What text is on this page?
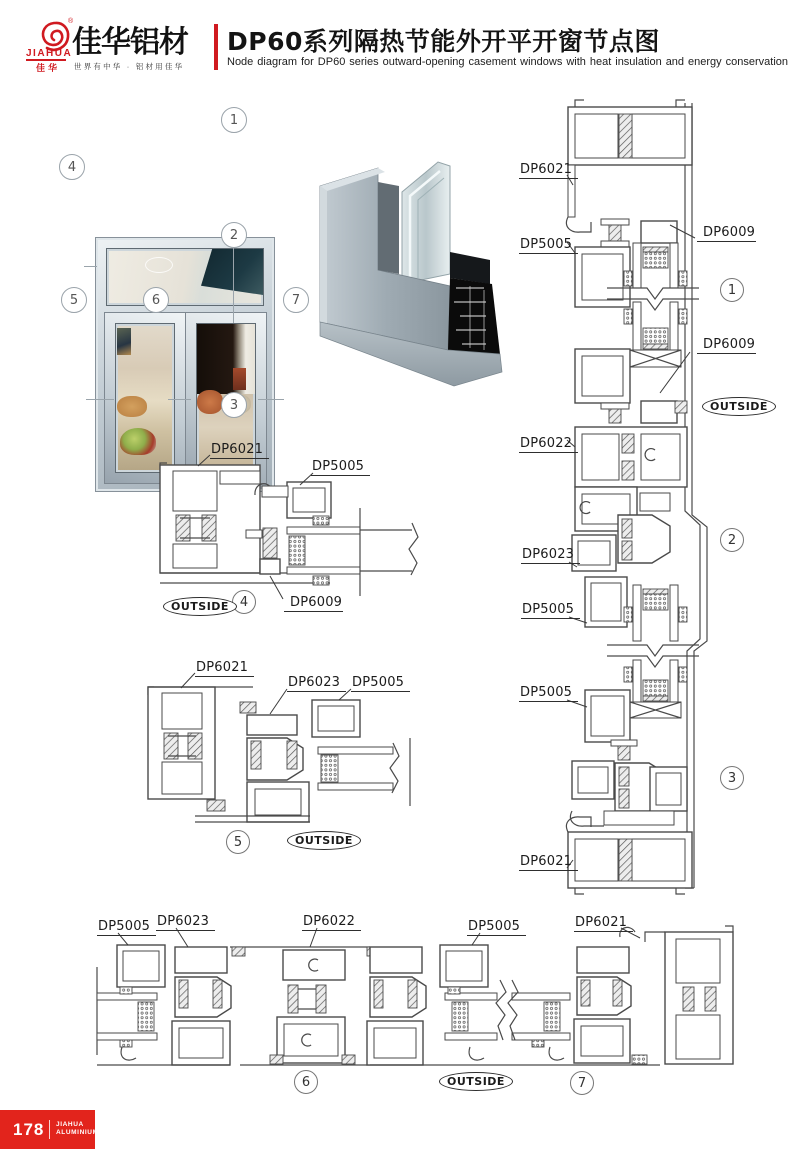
®
JIAHUA
佳华
佳华铝材
世界有中华 · 铝材用佳华
DP60系列隔热节能外开平开窗节点图
Node diagram for DP60 series outward-opening casement windows with heat insulation and energy conservation
1
2
3
4
5	6	7
DP6021
DP5005
DP6009
DP6009
DP6022
DP6023
DP5005
DP5005
DP6021
1
2
3
OUTSIDE
DP6021
DP5005
DP6009
4
OUTSIDE
DP6021
DP6023 DP5005
5	OUTSIDE
DP5005 DP6023	DP6022	DP5005	DP6021
6	7
OUTSIDE
178 JIAHUA
ALUMINIUM
